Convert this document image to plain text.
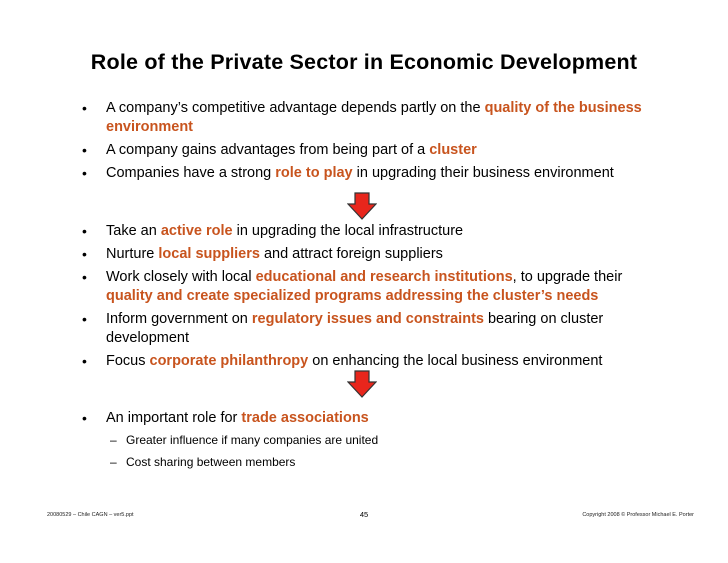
Role of the Private Sector in Economic Development
• A company’s competitive advantage depends partly on the quality of the business environment
• A company gains advantages from being part of a cluster
• Companies have a strong role to play in upgrading their business environment
• Take an active role in upgrading the local infrastructure
• Nurture local suppliers and attract foreign suppliers
• Work closely with local educational and research institutions, to upgrade their quality and create specialized programs addressing the cluster’s needs
• Inform government on regulatory issues and constraints bearing on cluster development
• Focus corporate philanthropy on enhancing the local business environment
• An important role for trade associations
– Greater influence if many companies are united
– Cost sharing between members
20080529 – Chile CAGN – ver5.ppt	45	Copyright 2008 © Professor Michael E. Porter
